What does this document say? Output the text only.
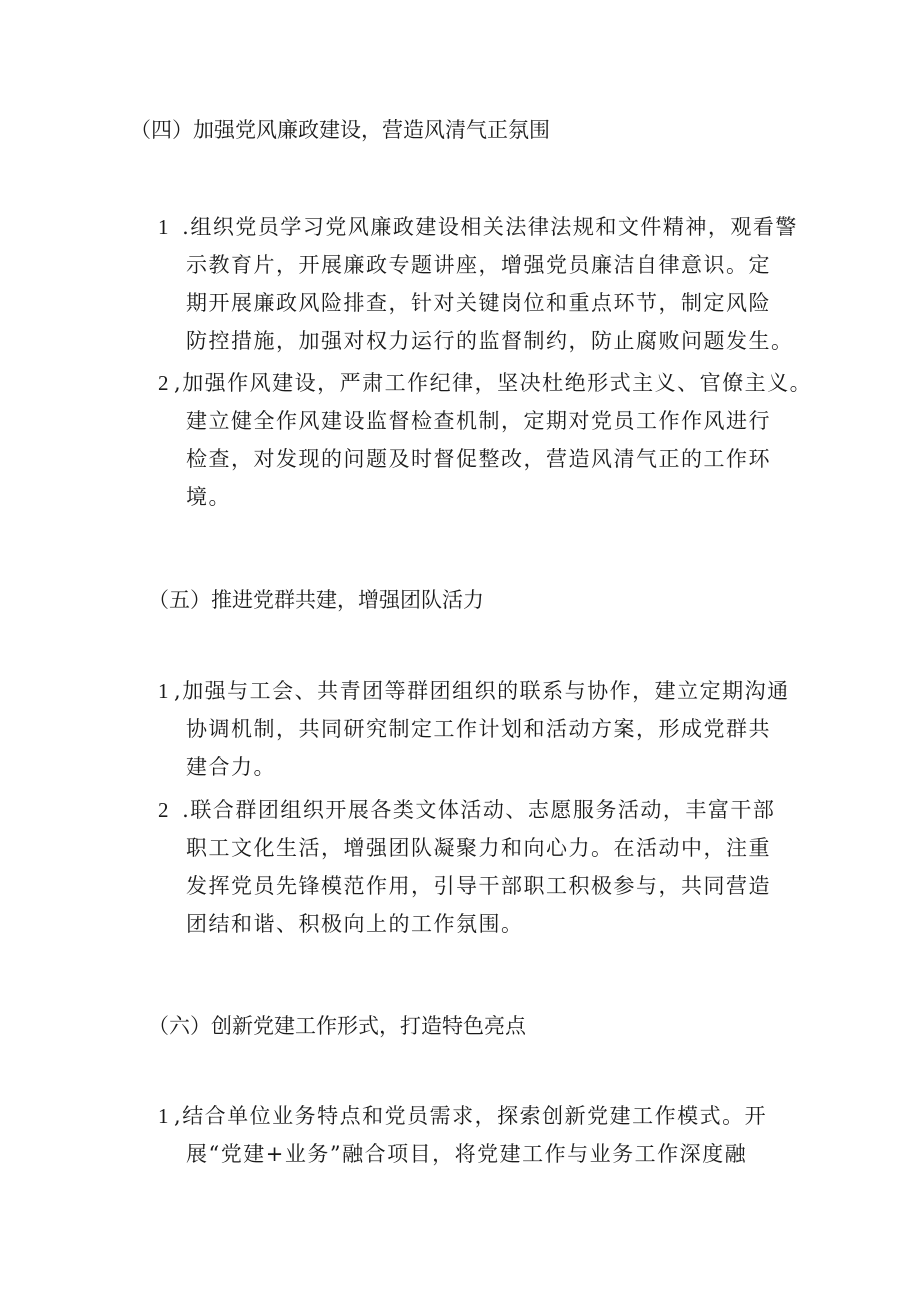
（四）加强党风廉政建设，营造风清气正氛围
1 .组织党员学习党风廉政建设相关法律法规和文件精神，观看警
示教育片，开展廉政专题讲座，增强党员廉洁自律意识。定
期开展廉政风险排查，针对关键岗位和重点环节，制定风险
防控措施，加强对权力运行的监督制约，防止腐败问题发生。
2 ,加强作风建设，严肃工作纪律，坚决杜绝形式主义、官僚主义。
建立健全作风建设监督检查机制，定期对党员工作作风进行
检查，对发现的问题及时督促整改，营造风清气正的工作环
境。
（五）推进党群共建，增强团队活力
1 ,加强与工会、共青团等群团组织的联系与协作，建立定期沟通
协调机制，共同研究制定工作计划和活动方案，形成党群共
建合力。
2 .联合群团组织开展各类文体活动、志愿服务活动，丰富干部
职工文化生活，增强团队凝聚力和向心力。在活动中，注重
发挥党员先锋模范作用，引导干部职工积极参与，共同营造
团结和谐、积极向上的工作氛围。
（六）创新党建工作形式，打造特色亮点
1 ,结合单位业务特点和党员需求，探索创新党建工作模式。开
展“党建+业务”融合项目，将党建工作与业务工作深度融
